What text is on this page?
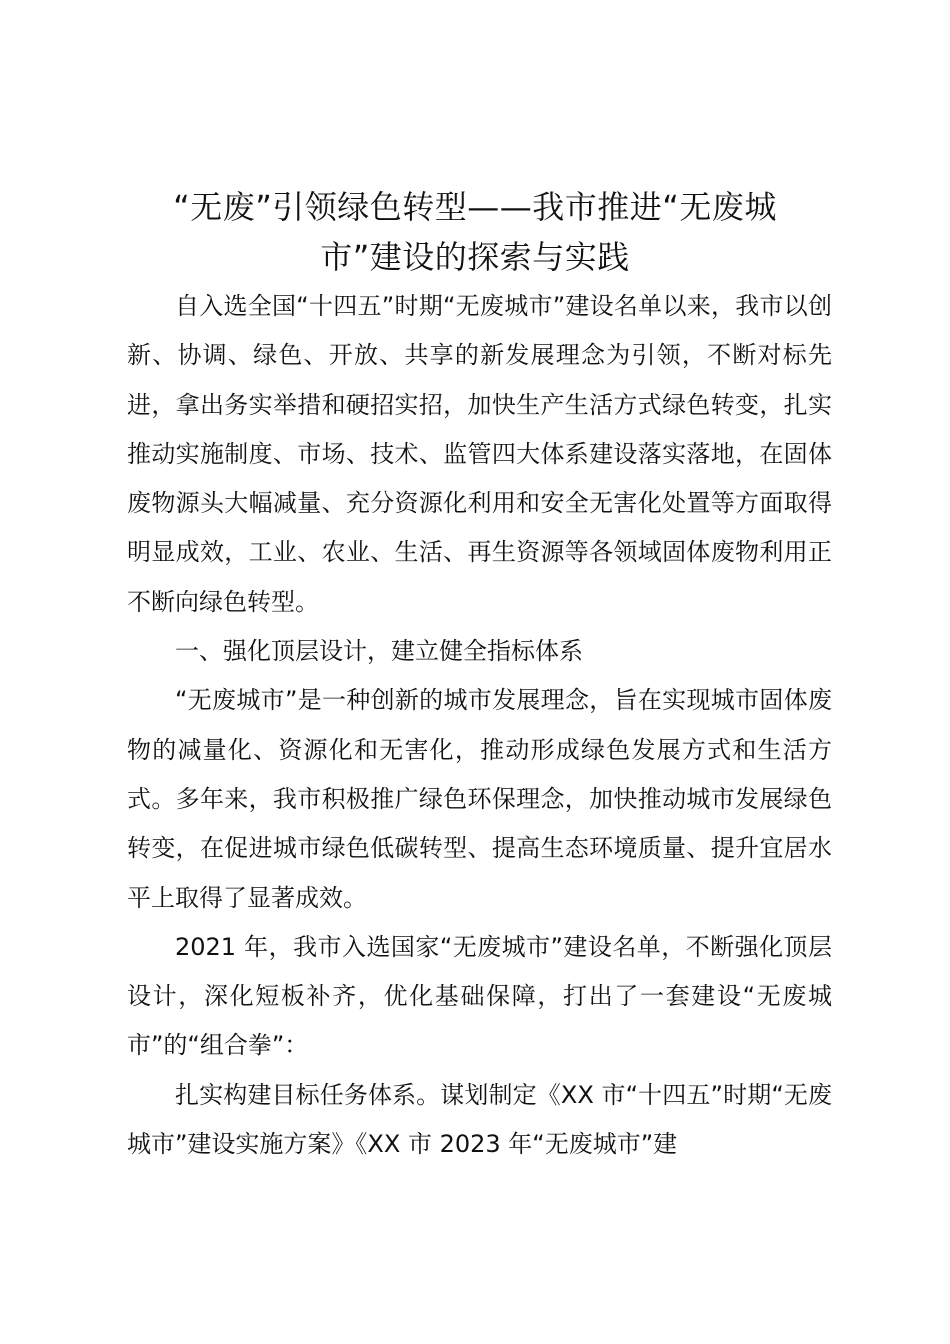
“无废”引领绿色转型——我市推进“无废城
市”建设的探索与实践

自入选全国“十四五”时期“无废城市”建设名单以来，我市以创新、协调、绿色、开放、共享的新发展理念为引领，不断对标先进，拿出务实举措和硬招实招，加快生产生活方式绿色转变，扎实推动实施制度、市场、技术、监管四大体系建设落实落地，在固体废物源头大幅减量、充分资源化利用和安全无害化处置等方面取得明显成效，工业、农业、生活、再生资源等各领域固体废物利用正不断向绿色转型。

一、强化顶层设计，建立健全指标体系

“无废城市”是一种创新的城市发展理念，旨在实现城市固体废物的减量化、资源化和无害化，推动形成绿色发展方式和生活方式。多年来，我市积极推广绿色环保理念，加快推动城市发展绿色转变，在促进城市绿色低碳转型、提高生态环境质量、提升宜居水平上取得了显著成效。

2021 年，我市入选国家“无废城市”建设名单，不断强化顶层设计，深化短板补齐，优化基础保障，打出了一套建设“无废城市”的“组合拳”：

扎实构建目标任务体系。谋划制定《XX 市“十四五”时期“无废城市”建设实施方案》《XX 市 2023 年“无废城市”建
